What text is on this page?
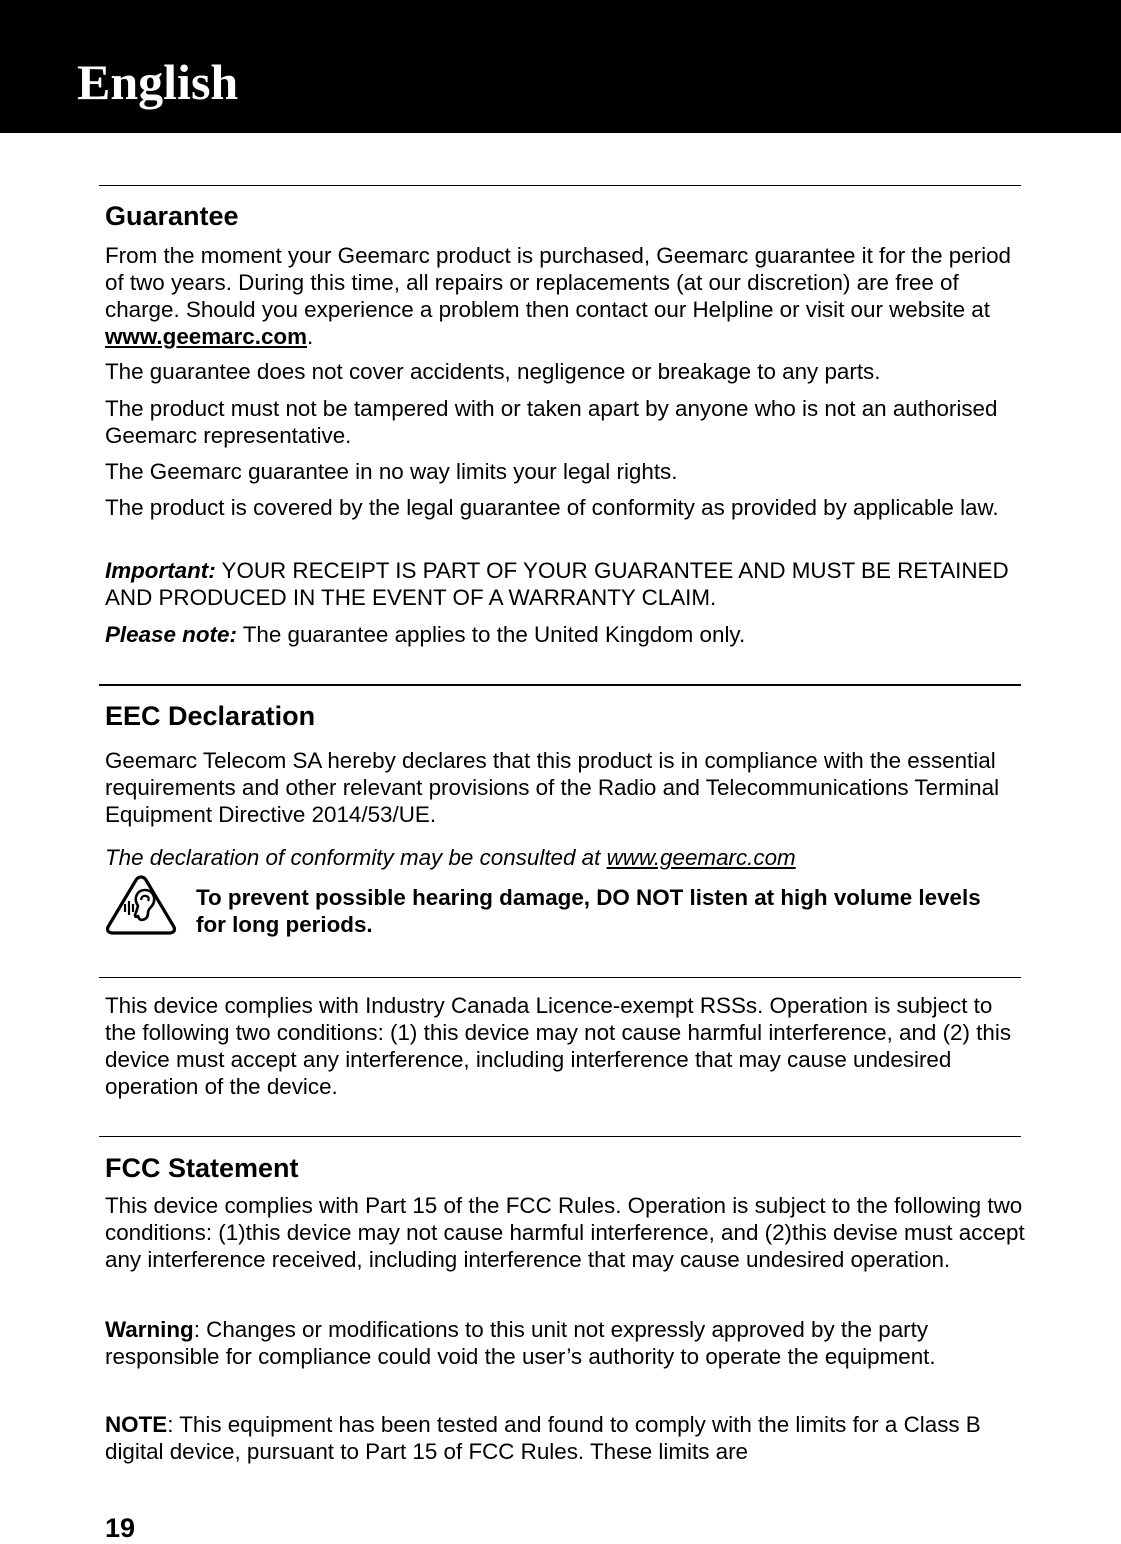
English
Guarantee

From the moment your Geemarc product is purchased, Geemarc guarantee it for the period of two years. During this time, all repairs or replacements (at our discretion) are free of charge. Should you experience a problem then contact our Helpline or visit our website at www.geemarc.com.

The guarantee does not cover accidents, negligence or breakage to any parts.

The product must not be tampered with or taken apart by anyone who is not an authorised Geemarc representative.

The Geemarc guarantee in no way limits your legal rights.

The product is covered by the legal guarantee of conformity as provided by applicable law.

Important: YOUR RECEIPT IS PART OF YOUR GUARANTEE AND MUST BE RETAINED AND PRODUCED IN THE EVENT OF A WARRANTY CLAIM.

Please note: The guarantee applies to the United Kingdom only.

EEC Declaration

Geemarc Telecom SA hereby declares that this product is in compliance with the essential requirements and other relevant provisions of the Radio and Telecommunications Terminal Equipment Directive 2014/53/UE.

The declaration of conformity may be consulted at www.geemarc.com

To prevent possible hearing damage, DO NOT listen at high volume levels for long periods.

This device complies with Industry Canada Licence-exempt RSSs. Operation is subject to the following two conditions: (1) this device may not cause harmful interference, and (2) this device must accept any interference, including interference that may cause undesired operation of the device.

FCC Statement

This device complies with Part 15 of the FCC Rules. Operation is subject to the following two conditions: (1)this device may not cause harmful interference, and (2)this devise must accept any interference received, including interference that may cause undesired operation.

Warning: Changes or modifications to this unit not expressly approved by the party responsible for compliance could void the user’s authority to operate the equipment.

NOTE: This equipment has been tested and found to comply with the limits for a Class B digital device, pursuant to Part 15 of FCC Rules. These limits are

19
